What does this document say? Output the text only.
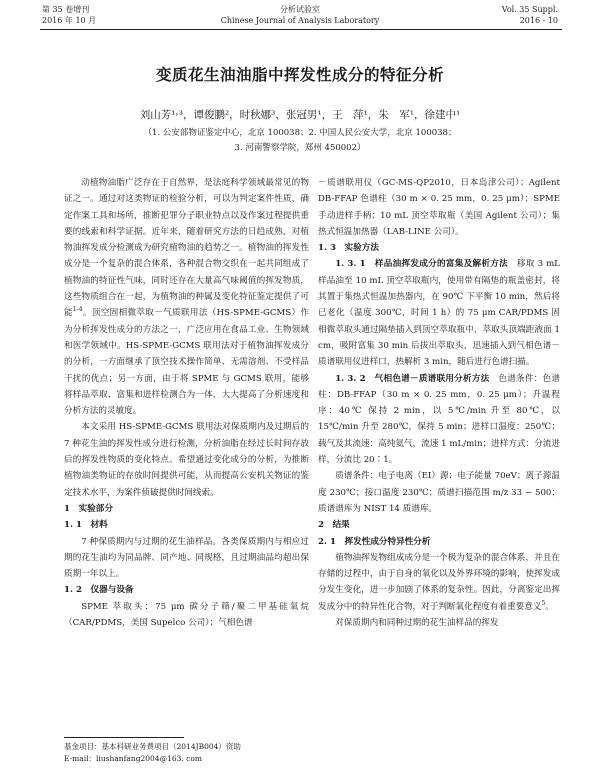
第 35 卷增刊
2016 年 10 月
分析试验室
Chinese Journal of Analysis Laboratory
Vol. 35 Suppl.
2016 - 10
变质花生油油脂中挥发性成分的特征分析
刘山芳¹˒³，谭俊鹏²，时秋娜³，张冠男¹，王　萍¹，朱　军¹，徐建中¹
（1. 公安部物证鉴定中心，北京 100038；2. 中国人民公安大学，北京 100038；
3. 河南警察学院，郑州 450002）

动植物油脂广泛存在于自然界，是法庭科学领域最常见的物证之一。通过对这类物证的检验分析，可以为判定案件性质，确定作案工具和场所，推断犯罪分子职业特点以及作案过程提供重要的线索和科学证据。近年来，随着研究方法的日趋成熟，对植物油挥发成分检测成为研究植物油的趋势之一。植物油的挥发性成分是一个复杂的混合体系，各种混合物交织在一起共同组成了植物油的特征性气味，同时还存在大量高气味阈值的挥发物质，这些物质组合在一起，为植物油的种属及变化特征鉴定提供了可能$^{1-4}$。顶空固相微萃取－气质联用法（HS-SPME-GCMS）作为分析挥发性成分的方法之一，广泛应用在食品工业、生物领域和医学领域中。HS-SPME-GCMS 联用法对于植物油挥发成分的分析，一方面继承了顶空技术操作简单、无需溶剂、不受样品干扰的优点；另一方面，由于将 SPME 与 GCMS 联用，能够将样品萃取、富集和进样检测合为一体，大大提高了分析速度和分析方法的灵敏度。

本文采用 HS-SPME-GCMS 联用法对保质期内及过期后的 7 种花生油的挥发性成分进行检测，分析油脂在经过长时间存放后的挥发性物质的变化特点。希望通过变化成分的分析，为推断植物油类物证的存放时间提供可能，从而提高公安机关物证的鉴定技术水平，为案件侦破提供时间线索。

1　实验部分

1. 1　材料

7 种保质期内与过期的花生油样品。各类保质期内与相应过期的花生油均为同品牌、同产地、同规格，且过期油品均超出保质期一年以上。

1. 2　仪器与设备

SPME 萃取头：75 μm 碳分子筛/聚二甲基硅氧烷（CAR/PDMS，美国 Supelco 公司）；气相色谱

－质谱联用仪（GC-MS-QP2010，日本岛津公司）；Agilent DB-FFAP 色谱柱（30 m × 0. 25 mm，0. 25 μm）；SPME 手动进样手柄；10 mL 顶空萃取瓶（美国 Agilent 公司）；集热式恒温加热器（LAB-LINE 公司）。

1. 3　实验方法

1. 3. 1　样品油挥发成分的富集及解析方法　 移取 3 mL 样品油至 10 mL 顶空萃取瓶内，使用带有隔垫的瓶盖密封，将其置于集热式恒温加热器内，在 90℃ 下平衡 10 min，然后将已老化（温度 300℃，时间 1 h）的 75 μm CAR/PDMS 固相微萃取头通过隔垫插入到顶空萃取瓶中，萃取头顶端距液面 1 cm，吸附富集 30 min 后拔出萃取头，迅速插入到气相色谱－质谱联用仪进样口，热解析 3 min，随后进行色谱扫描。

1. 3. 2　气相色谱－质谱联用分析方法　 色谱条件：色谱柱：DB-FFAP（30 m × 0. 25 mm，0. 25 μm）；升温程序：40℃ 保持 2 min，以 5℃/min 升至 80℃，以 15℃/min 升至 280℃，保持 5 min；进样口温度：250℃；载气及其流速：高纯氦气，流速 1 mL/min；进样方式：分流进样，分流比 20∶1。

质谱条件：电子电离（EI）源；电子能量 70eV；离子源温度 230℃；接口温度 230℃；质谱扫描范围 m/z 33 ~ 500；质谱谱库为 NIST 14 质谱库。

2　结果

2. 1　挥发性成分特异性分析

植物油挥发物组成成分是一个极为复杂的混合体系，并且在存储的过程中，由于自身的氧化以及外界环境的影响，使挥发成分发生变化，进一步加剧了体系的复杂性。因此，分离鉴定出挥发成分中的特异性化合物，对于判断氧化程度有着重要意义$^5$。

对保质期内和同种过期的花生油样品的挥发

基金项目：基本科研业务费项目（2014JB004）资助
E-mail：liushanfang2004@163. com
